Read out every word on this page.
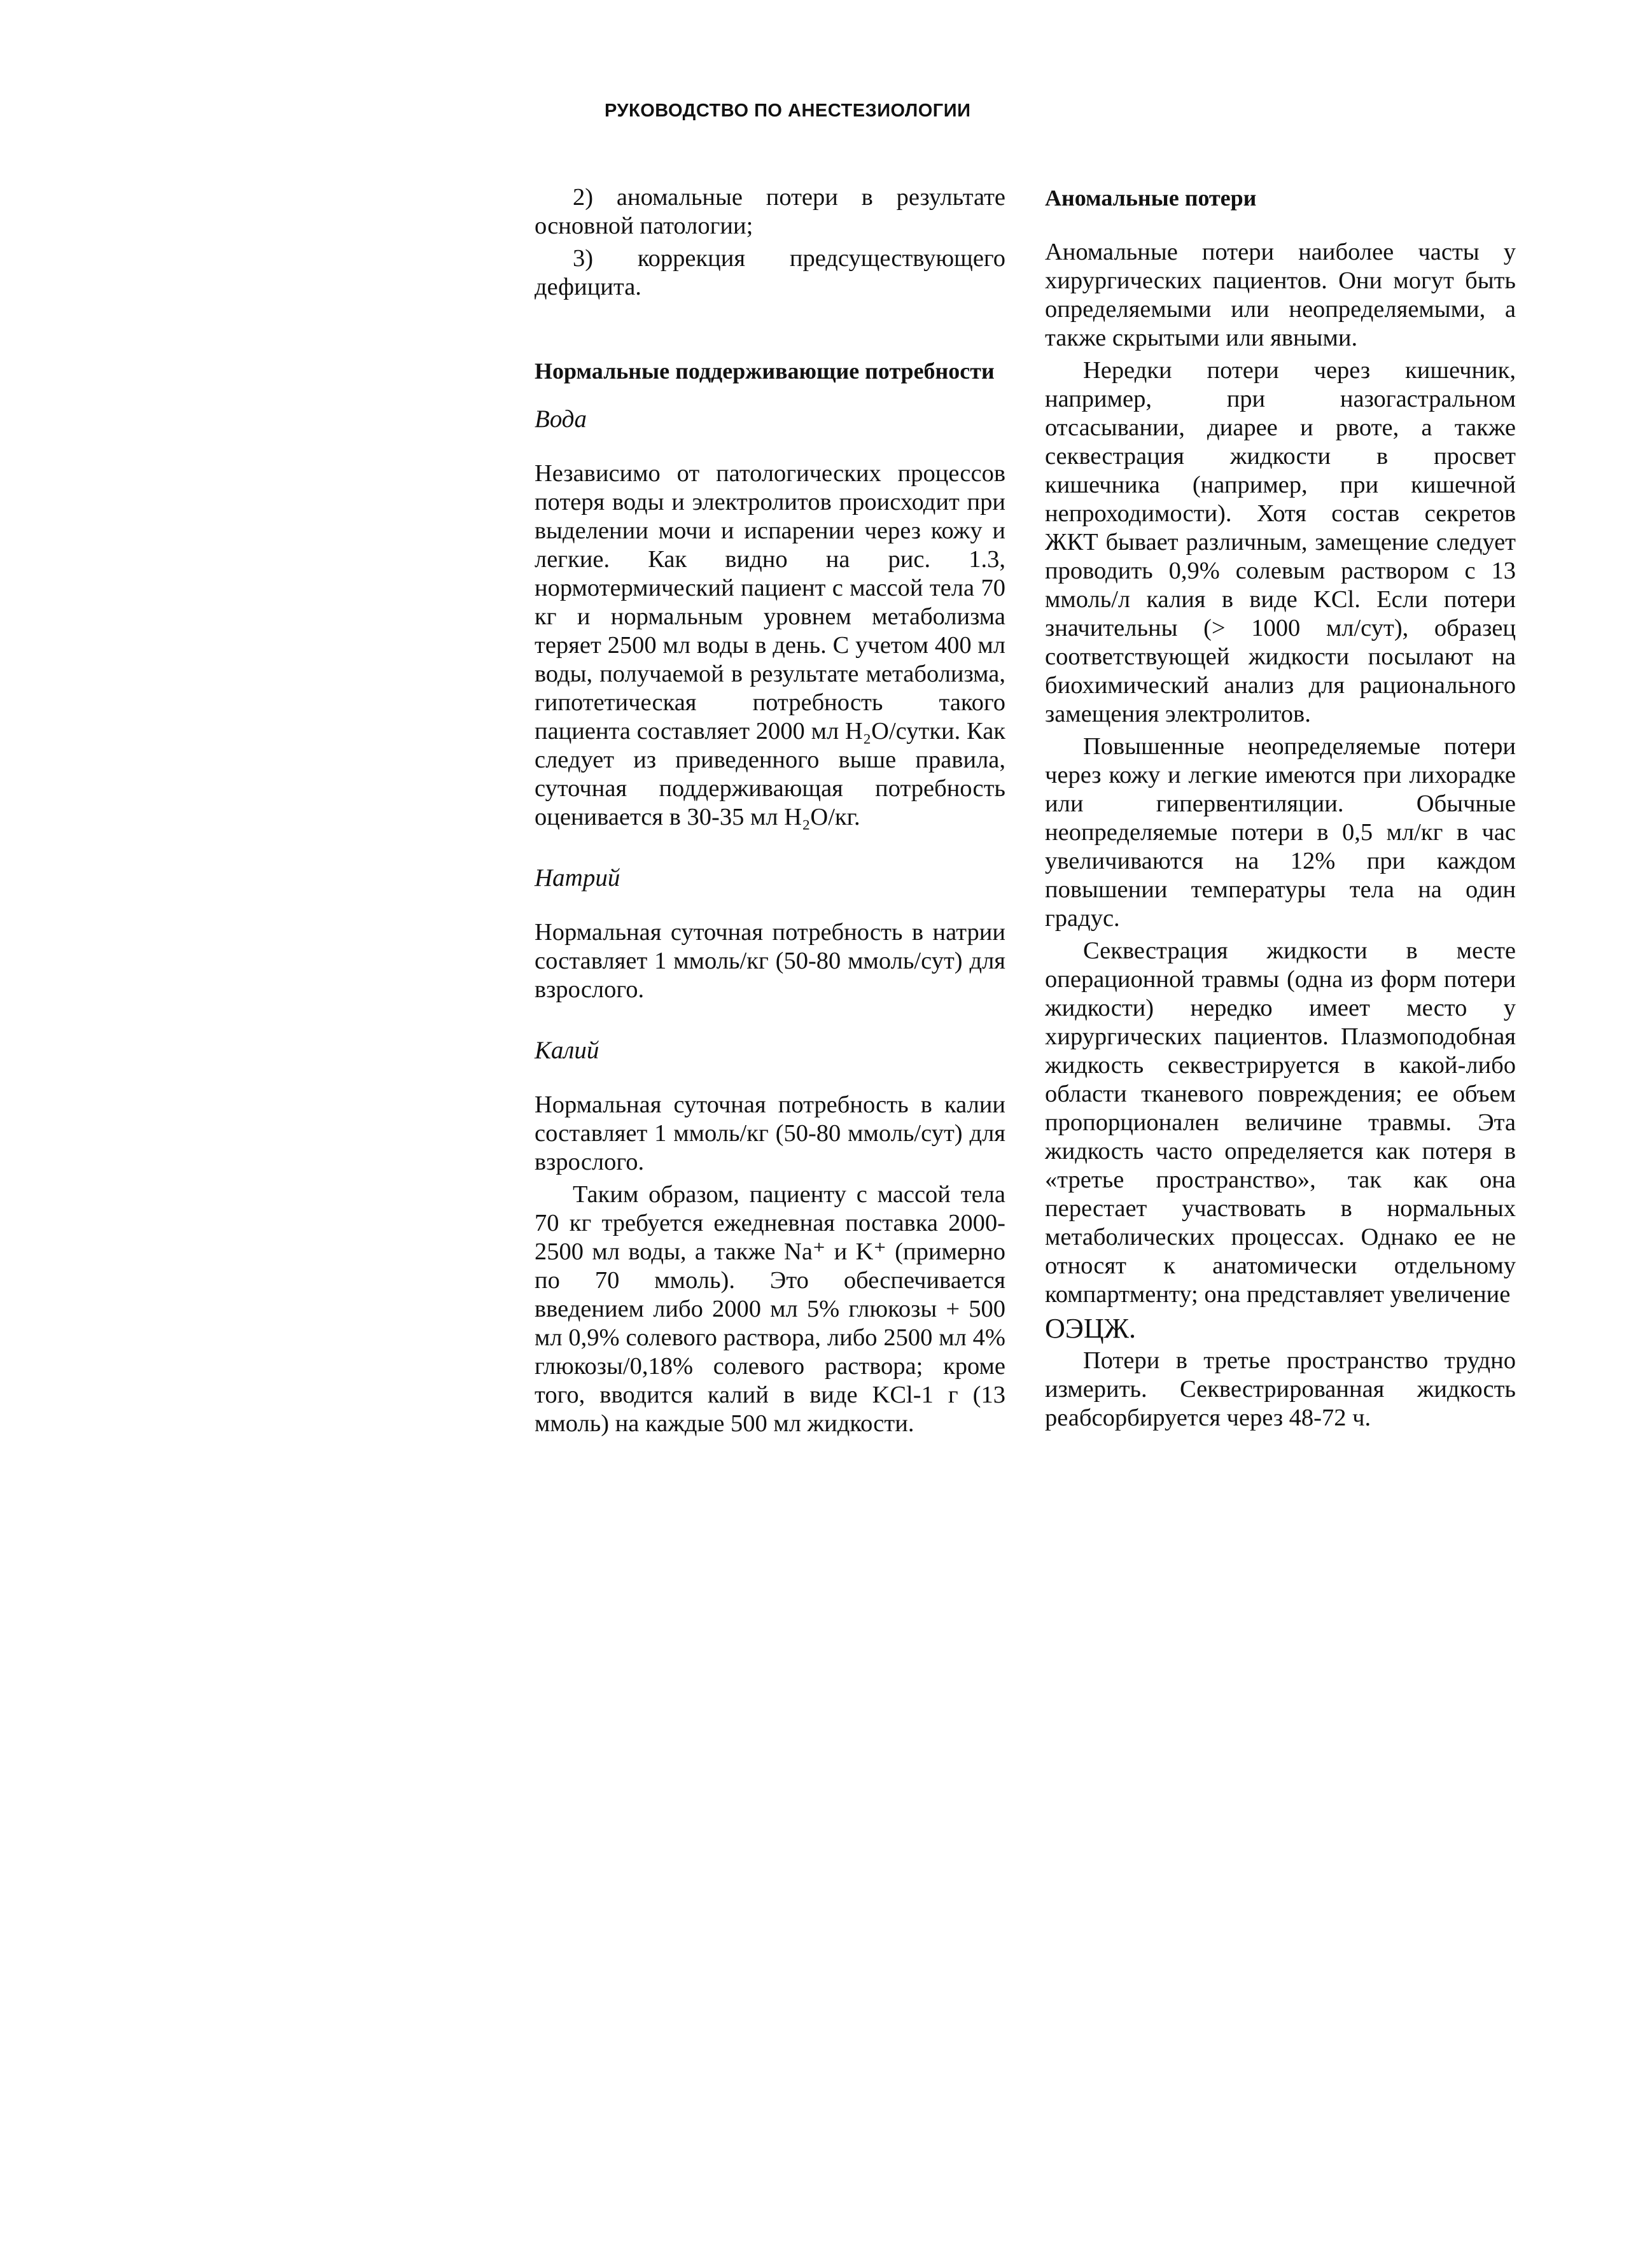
РУКОВОДСТВО ПО АНЕСТЕЗИОЛОГИИ

2) аномальные потери в результате основной патологии;

3) коррекция предсуществующего дефицита.

Нормальные поддерживающие потребности
Вода

Независимо от патологических процессов потеря воды и электролитов происходит при выделении мочи и испарении через кожу и легкие. Как видно на рис. 1.3, нормотермический пациент с массой тела 70 кг и нормальным уровнем метаболизма теряет 2500 мл воды в день. С учетом 400 мл воды, получаемой в результате метаболизма, гипотетическая потребность такого пациента составляет 2000 мл H₂O/сутки. Как следует из приведенного выше правила, суточная поддерживающая потребность оценивается в 30-35 мл H₂O/кг.

Натрий

Нормальная суточная потребность в натрии составляет 1 ммоль/кг (50-80 ммоль/сут) для взрослого.

Калий

Нормальная суточная потребность в калии составляет 1 ммоль/кг (50-80 ммоль/сут) для взрослого.

Таким образом, пациенту с массой тела 70 кг требуется ежедневная поставка 2000-2500 мл воды, а также Na⁺ и K⁺ (примерно по 70 ммоль). Это обеспечивается введением либо 2000 мл 5% глюкозы + 500 мл 0,9% солевого раствора, либо 2500 мл 4% глюкозы/0,18% солевого раствора; кроме того, вводится калий в виде KCl-1 г (13 ммоль) на каждые 500 мл жидкости.

Аномальные потери

Аномальные потери наиболее часты у хирургических пациентов. Они могут быть определяемыми или неопределяемыми, а также скрытыми или явными.

Нередки потери через кишечник, например, при назогастральном отсасывании, диарее и рвоте, а также секвестрация жидкости в просвет кишечника (например, при кишечной непроходимости). Хотя состав секретов ЖКТ бывает различным, замещение следует проводить 0,9% солевым раствором с 13 ммоль/л калия в виде KCl. Если потери значительны (> 1000 мл/сут), образец соответствующей жидкости посылают на биохимический анализ для рационального замещения электролитов.

Повышенные неопределяемые потери через кожу и легкие имеются при лихорадке или гипервентиляции. Обычные неопределяемые потери в 0,5 мл/кг в час увеличиваются на 12% при каждом повышении температуры тела на один градус.

Секвестрация жидкости в месте операционной травмы (одна из форм потери жидкости) нередко имеет место у хирургических пациентов. Плазмоподобная жидкость секвестрируется в какой-либо области тканевого повреждения; ее объем пропорционален величине травмы. Эта жидкость часто определяется как потеря в «третье пространство», так как она перестает участвовать в нормальных метаболических процессах. Однако ее не относят к анатомически отдельному компартменту; она представляет увеличение

ОЭЦЖ.

Потери в третье пространство трудно измерить. Секвестрированная жидкость реабсорбируется через 48-72 ч.
